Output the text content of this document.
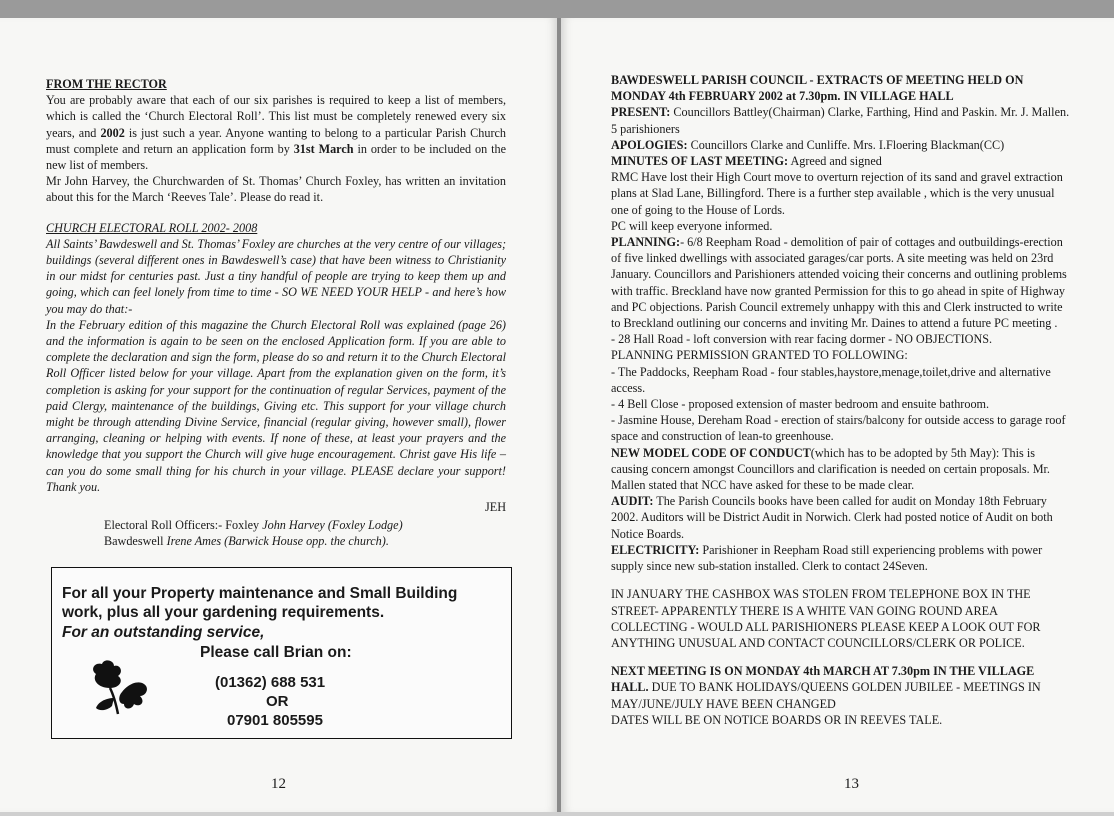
FROM THE RECTOR

You are probably aware that each of our six parishes is required to keep a list of members, which is called the ‘Church Electoral Roll’. This list must be completely renewed every six years, and 2002 is just such a year. Anyone wanting to belong to a particular Parish Church must complete and return an application form by 31st March in order to be included on the new list of members.

Mr John Harvey, the Churchwarden of St. Thomas’ Church Foxley, has written an invitation about this for the March ‘Reeves Tale’. Please do read it.

CHURCH ELECTORAL ROLL 2002- 2008

All Saints’ Bawdeswell and St. Thomas’ Foxley are churches at the very centre of our villages; buildings (several different ones in Bawdeswell’s case) that have been witness to Christianity in our midst for centuries past. Just a tiny handful of people are trying to keep them up and going, which can feel lonely from time to time - SO WE NEED YOUR HELP - and here’s how you may do that:-

In the February edition of this magazine the Church Electoral Roll was explained (page 26) and the information is again to be seen on the enclosed Application form. If you are able to complete the declaration and sign the form, please do so and return it to the Church Electoral Roll Officer listed below for your village. Apart from the explanation given on the form, it’s completion is asking for your support for the continuation of regular Services, payment of the paid Clergy, maintenance of the buildings, Giving etc. This support for your village church might be through attending Divine Service, financial (regular giving, however small), flower arranging, cleaning or helping with events. If none of these, at least your prayers and the knowledge that you support the Church will give huge encouragement. Christ gave His life – can you do some small thing for his church in your village. PLEASE declare your support! Thank you.

JEH

Electoral Roll Officers:- Foxley John Harvey (Foxley Lodge)
Bawdeswell Irene Ames (Barwick House opp. the church).
For all your Property maintenance and Small Building work, plus all your gardening requirements.
For an outstanding service,
Please call Brian on:
(01362) 688 531
OR
07901 805595
12

BAWDESWELL PARISH COUNCIL - EXTRACTS OF MEETING HELD ON MONDAY 4th FEBRUARY 2002 at 7.30pm. IN VILLAGE HALL

PRESENT: Councillors Battley(Chairman) Clarke, Farthing, Hind and Paskin. Mr. J. Mallen. 5 parishioners

APOLOGIES: Councillors Clarke and Cunliffe. Mrs. I.Floering Blackman(CC)

MINUTES OF LAST MEETING: Agreed and signed

RMC Have lost their High Court move to overturn rejection of its sand and gravel extraction plans at Slad Lane, Billingford. There is a further step available , which is the very unusual one of going to the House of Lords.

PC will keep everyone informed.

PLANNING:- 6/8 Reepham Road - demolition of pair of cottages and outbuildings-erection of five linked dwellings with associated garages/car ports. A site meeting was held on 23rd January. Councillors and Parishioners attended voicing their concerns and outlining problems with traffic. Breckland have now granted Permission for this to go ahead in spite of Highway and PC objections. Parish Council extremely unhappy with this and Clerk instructed to write to Breckland outlining our concerns and inviting Mr. Daines to attend a future PC meeting .

- 28 Hall Road - loft conversion with rear facing dormer - NO OBJECTIONS.

PLANNING PERMISSION GRANTED TO FOLLOWING:

- The Paddocks, Reepham Road - four stables,haystore,menage,toilet,drive and alternative access.

- 4 Bell Close - proposed extension of master bedroom and ensuite bathroom.

- Jasmine House, Dereham Road - erection of stairs/balcony for outside access to garage roof space and construction of lean-to greenhouse.

NEW MODEL CODE OF CONDUCT(which has to be adopted by 5th May): This is causing concern amongst Councillors and clarification is needed on certain proposals. Mr. Mallen stated that NCC have asked for these to be made clear.

AUDIT: The Parish Councils books have been called for audit on Monday 18th February 2002. Auditors will be District Audit in Norwich. Clerk had posted notice of Audit on both Notice Boards.

ELECTRICITY: Parishioner in Reepham Road still experiencing problems with power supply since new sub-station installed. Clerk to contact 24Seven.

IN JANUARY THE CASHBOX WAS STOLEN FROM TELEPHONE BOX IN THE STREET- APPARENTLY THERE IS A WHITE VAN GOING ROUND AREA COLLECTING - WOULD ALL PARISHIONERS PLEASE KEEP A LOOK OUT FOR ANYTHING UNUSUAL AND CONTACT COUNCILLORS/CLERK OR POLICE.

NEXT MEETING IS ON MONDAY 4th MARCH AT 7.30pm IN THE VILLAGE HALL. DUE TO BANK HOLIDAYS/QUEENS GOLDEN JUBILEE - MEETINGS IN MAY/JUNE/JULY HAVE BEEN CHANGED

DATES WILL BE ON NOTICE BOARDS OR IN REEVES TALE.

13
